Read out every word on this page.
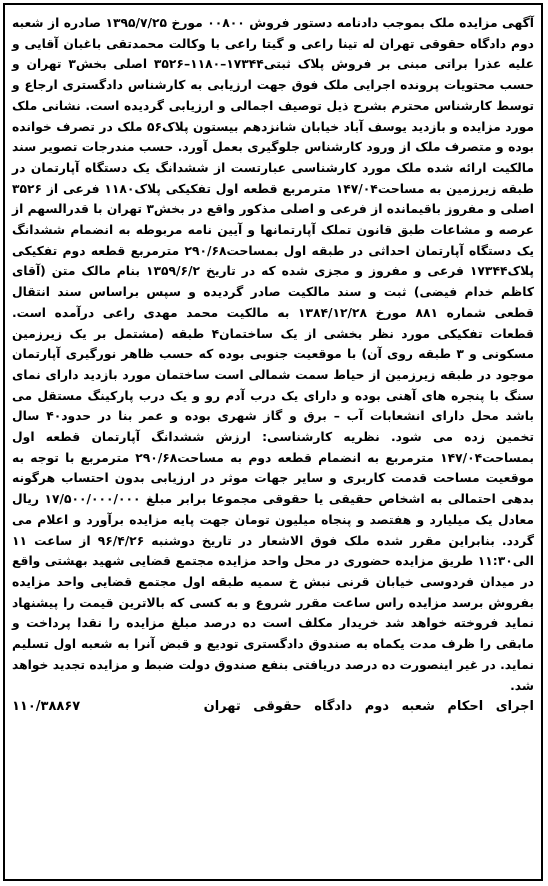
آگهی مزایده ملک بموجب دادنامه دستور فروش ۰۰۸۰۰ مورخ ۱۳۹۵/۷/۲۵ صادره از شعبه دوم دادگاه حقوقی تهران له تینا راعی و گیتا راعی با وکالت محمدتقی باغبان آقایی و علیه عذرا براتی مبنی بر فروش پلاک ثبتی۱۷۳۴۴–۱۱۸۰–۳۵۲۶ اصلی بخش۳ تهران و حسب محتویات پرونده اجرایی ملک فوق جهت ارزیابی به کارشناس دادگستری ارجاع و توسط کارشناس محترم بشرح ذیل توصیف اجمالی و ارزیابی گردیده است. نشانی ملک مورد مزایده و بازدید یوسف آباد خیابان شانزدهم بیستون پلاک۵۶ ملک در تصرف خوانده بوده و متصرف ملک از ورود کارشناس جلوگیری بعمل آورد. حسب مندرجات تصویر سند مالکیت ارائه شده ملک مورد کارشناسی عبارتست از ششدانگ یک دستگاه آپارتمان در طبقه زیرزمین به مساحت۱۴۷/۰۴ مترمربع قطعه اول تفکیکی پلاک۱۱۸۰ فرعی از ۳۵۲۶ اصلی و مفروز باقیمانده از فرعی و اصلی مذکور واقع در بخش۳ تهران با قدرالسهم از عرصه و مشاعات طبق قانون تملک آپارتمانها و آیین نامه مربوطه به انضمام ششدانگ یک دستگاه آپارتمان احداثی در طبقه اول بمساحت۲۹۰/۶۸ مترمربع قطعه دوم تفکیکی پلاک۱۷۳۴۴ فرعی و مفروز و مجزی شده که در تاریخ ۱۳۵۹/۶/۲ بنام مالک متن (آقای کاظم خدام فیضی) ثبت و سند مالکیت صادر گردیده و سپس براساس سند انتقال قطعی شماره ۸۸۱ مورخ ۱۳۸۴/۱۲/۲۸ به مالکیت محمد مهدی راعی درآمده است. قطعات تفکیکی مورد نظر بخشی از یک ساختمان۴ طبقه (مشتمل بر یک زیرزمین مسکونی و ۳ طبقه روی آن) با موقعیت جنوبی بوده که حسب ظاهر نورگیری آپارتمان موجود در طبقه زیرزمین از حیاط سمت شمالی است ساختمان مورد بازدید دارای نمای سنگ با پنجره های آهنی بوده و دارای یک درب آدم رو و یک درب پارکینگ مستقل می باشد محل دارای انشعابات آب – برق و گاز شهری بوده و عمر بنا در حدود۴۰ سال تخمین زده می شود. نظریه کارشناسی: ارزش ششدانگ آپارتمان قطعه اول بمساحت۱۴۷/۰۴ مترمربع به انضمام قطعه دوم به مساحت۲۹۰/۶۸ مترمربع با توجه به موقعیت مساحت قدمت کاربری و سایر جهات موثر در ارزیابی بدون احتساب هرگونه بدهی احتمالی به اشخاص حقیقی یا حقوقی مجموعا برابر مبلغ ۱۷/۵۰۰/۰۰۰/۰۰۰ ریال معادل یک میلیارد و هفتصد و پنجاه میلیون تومان جهت پایه مزایده برآورد و اعلام می گردد. بنابراین مقرر شده ملک فوق الاشعار در تاریخ دوشنبه ۹۶/۴/۲۶ از ساعت ۱۱ الی۱۱:۳۰ طریق مزایده حضوری در محل واحد مزایده مجتمع قضایی شهید بهشتی واقع در میدان فردوسی خیابان قرنی نبش خ سمیه طبقه اول مجتمع قضایی واحد مزایده بفروش برسد مزایده راس ساعت مقرر شروع و به کسی که بالاترین قیمت را پیشنهاد نماید فروخته خواهد شد خریدار مکلف است ده درصد مبلغ مزایده را نقدا پرداخت و مابقی را ظرف مدت یکماه به صندوق دادگستری تودیع و قبض آنرا به شعبه اول تسلیم نماید. در غیر اینصورت ده درصد دریافتی بنفع صندوق دولت ضبط و مزایده تجدید خواهد شد.

اجرای احکام شعبه دوم دادگاه حقوقی تهران
۱۱۰/۳۸۸۶۷
